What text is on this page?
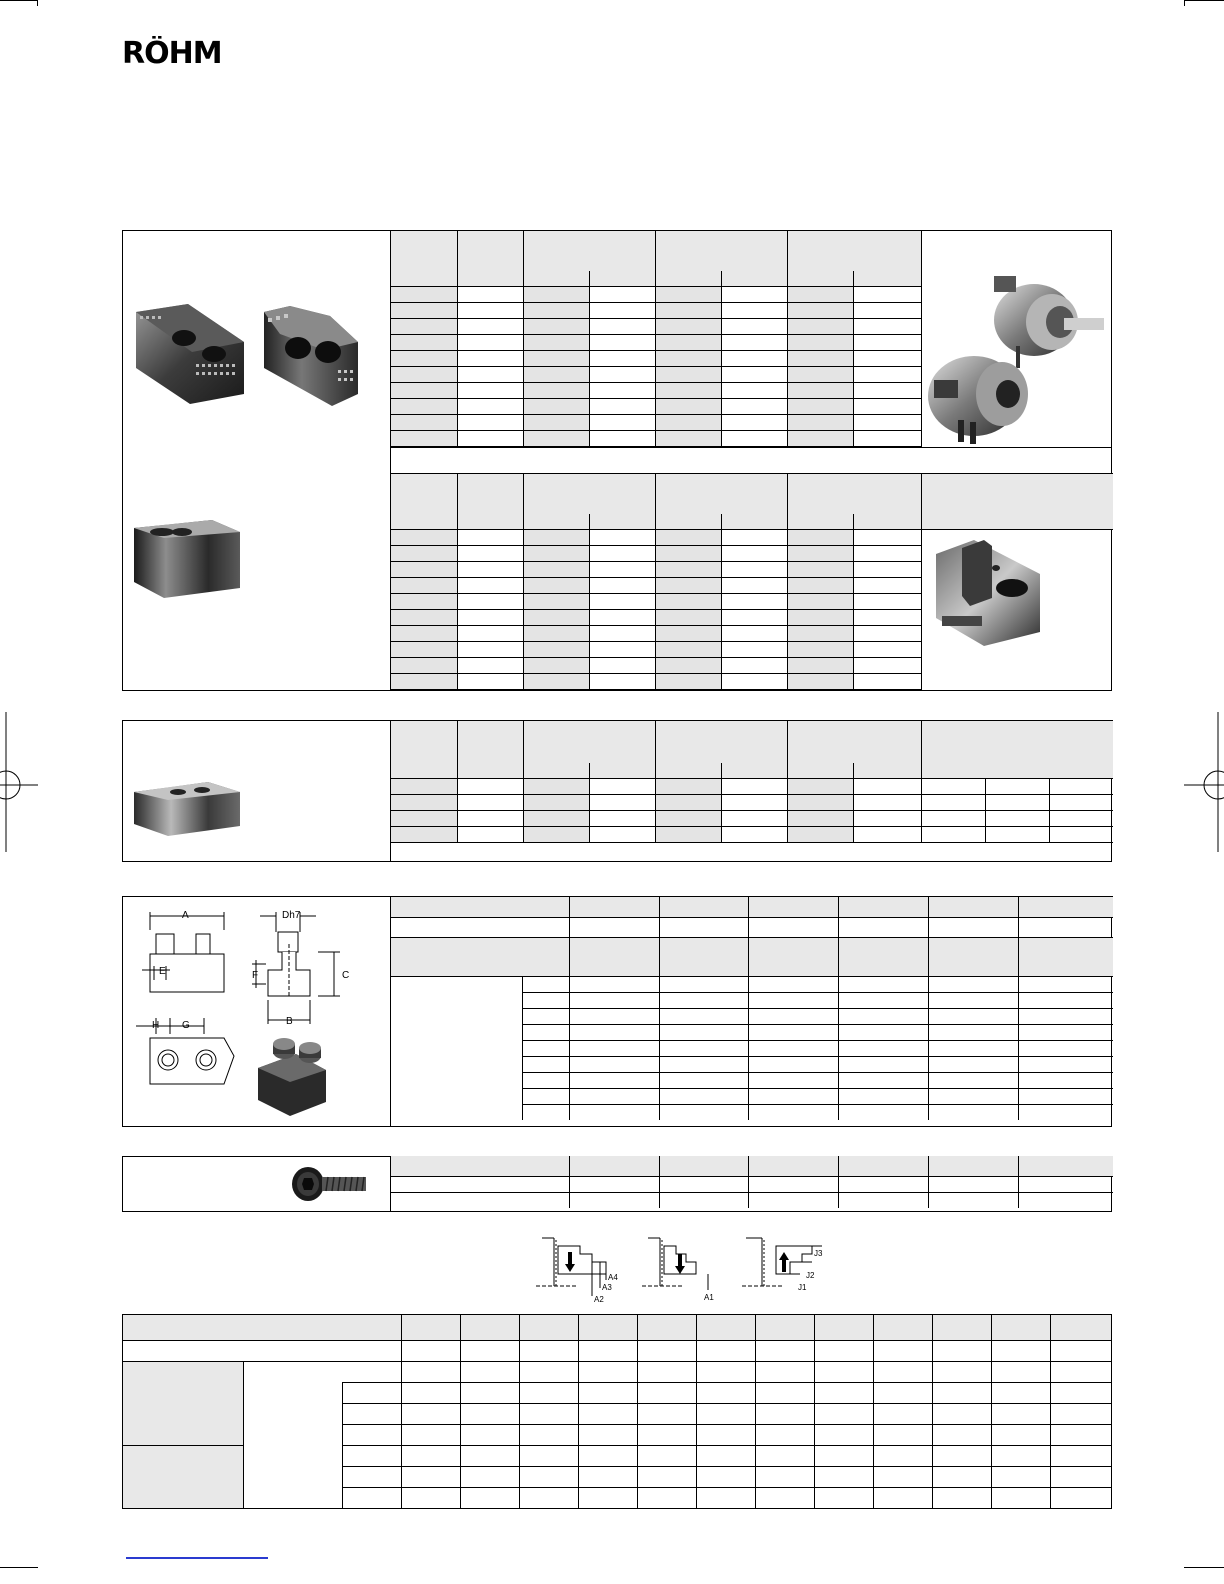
RÖHM

A
E
Dh7
C
F
B
H G

A4
A3
A2	A1
J3
J2
J1
